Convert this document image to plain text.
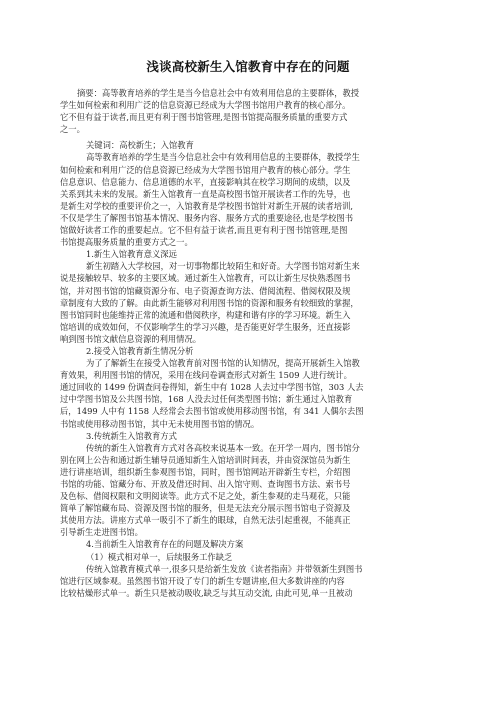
浅谈高校新生入馆教育中存在的问题
摘要：高等教育培养的学生是当今信息社会中有效利用信息的主要群体，教授
学生如何检索和利用广泛的信息资源已经成为大学图书馆用户教育的核心部分。
它不但有益于读者,而且更有利于图书馆管理,是图书馆提高服务质量的重要方式
之一。
关键词：高校新生；入馆教育
高等教育培养的学生是当今信息社会中有效利用信息的主要群体，教授学生
如何检索和利用广泛的信息资源已经成为大学图书馆用户教育的核心部分。学生
信息意识、信息能力、信息道德的水平，直接影响其在校学习期间的成绩，以及
关系到其未来的发展。新生入馆教育一直是高校图书馆开展读者工作的先导，也
是新生对学校的重要评价之一，入馆教育是学校图书馆针对新生开展的读者培训,
不仅是学生了解图书馆基本情况、服务内容、服务方式的重要途径,也是学校图书
馆做好读者工作的重要起点。它不但有益于读者,而且更有利于图书馆管理,是图
书馆提高服务质量的重要方式之一。
1.新生入馆教育意义深远
新生初踏入大学校园，对一切事物都比较陌生和好奇。大学图书馆对新生来
说是接触较早、较多的主要区域。通过新生入馆教育，可以让新生尽快熟悉图书
馆，并对图书馆的馆藏资源分布、电子资源查询方法、借阅流程、借阅权限及规
章制度有大致的了解。由此新生能够对利用图书馆的资源和服务有较细致的掌握，
图书馆同时也能维持正常的流通和借阅秩序，构建和谐有序的学习环境。新生入
馆培训的成效如何，不仅影响学生的学习兴趣，是否能更好学生服务，还直接影
响到图书馆文献信息资源的利用情况。
2.接受入馆教育新生情况分析
为了了解新生在接受入馆教育前对图书馆的认知情况，提高开展新生入馆教
育效果，利用图书馆的情况，采用在线问卷调查形式对新生 1509 人进行统计。
通过回收的 1499 份调查问卷得知，新生中有 1028 人去过中学图书馆，303 人去
过中学图书馆及公共图书馆，168 人没去过任何类型图书馆；新生通过入馆教育
后，1499 人中有 1158 人经常会去图书馆或使用移动图书馆，有 341 人偶尔去图
书馆或使用移动图书馆，其中无未使用图书馆的情况。
3.传统新生入馆教育方式
传统的新生入馆教育方式对各高校来说基本一致。在开学一周内，图书馆分
别在网上公告和通过新生辅导员通知新生入馆培训时间表，并由资深馆员为新生
进行讲座培训，组织新生参观图书馆，同时，图书馆网站开辟新生专栏，介绍图
书馆的功能、馆藏分布、开放及借还时间、出入馆守则、查询图书方法、索书号
及色标、借阅权限和文明阅读等。此方式不足之处，新生参观的走马观花，只能
简单了解馆藏布局、资源及图书馆的服务，但是无法充分展示图书馆电子资源及
其使用方法。讲座方式单一吸引不了新生的眼球，自然无法引起重视，不能真正
引导新生走进图书馆。
4.当前新生入馆教育存在的问题及解决方案
（1）模式相对单一，后续服务工作缺乏
传统入馆教育模式单一,很多只是给新生发放《读者指南》并带领新生到图书
馆进行区域参观。虽然图书馆开设了专门的新生专题讲座,但大多数讲座的内容
比较枯燥形式单一。新生只是被动吸收,缺乏与其互动交流, 由此可见,单一且被动
